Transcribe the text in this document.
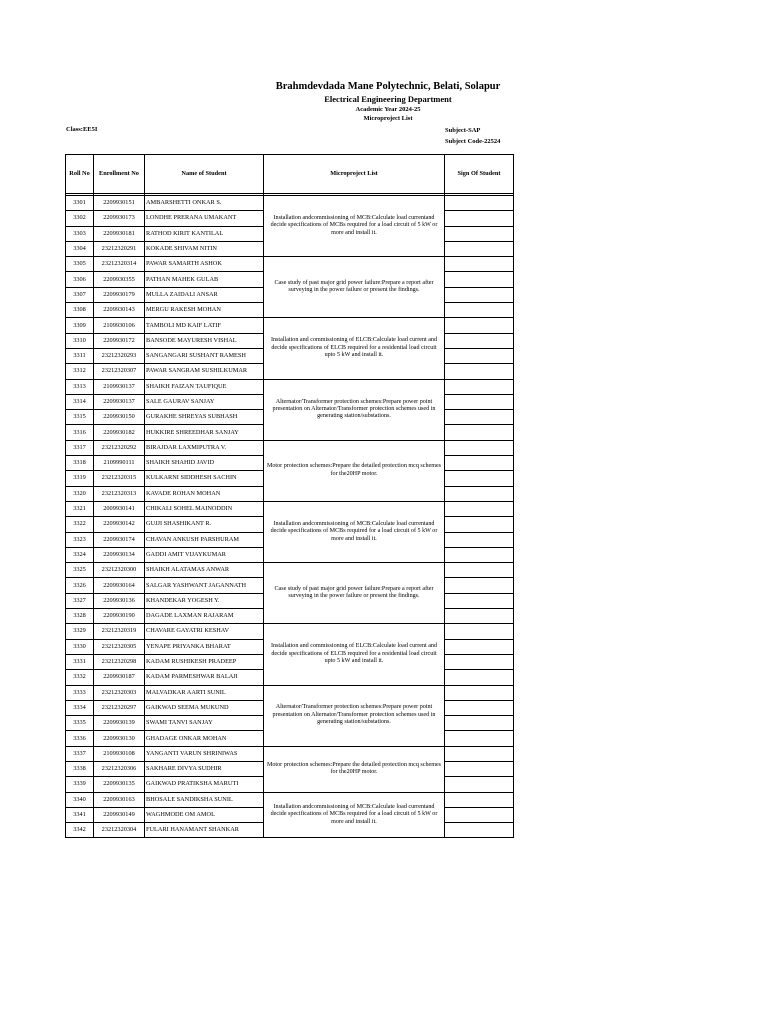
Brahmdevdada Mane Polytechnic, Belati, Solapur
Electrical Engineering Department
Academic Year 2024-25
Microproject List
Class:EE5I	Subject-SAP
Subject Code-22524
Roll No	Enrollment No	Name of Student	Microproject List	Sign Of Student

3301	2209930151	AMBARSHETTI ONKAR S.	Installation andcommissioning of MCB:Calculate load currentand decide specifications of MCBs required for a load circuit of 5 kW or more and install it.	
3302	2209930173	LONDHE PRERANA UMAKANT		
3303	2209930181	RATHOD KIRIT KANTILAL		
3304	23212320291	KOKADE SHIVAM NITIN		
3305	23212320314	PAWAR SAMARTH ASHOK	Case study of past major grid power failure:Prepare a report after surveying in the power failure or present the findings.	
3306	2209930355	PATHAN MAHEK GULAB		
3307	2209930179	MULLA ZAIDALI ANSAR		
3308	2209930143	MERGU RAKESH MOHAN		
3309	2109930106	TAMBOLI MD KAIF LATIF	Installation and commissioning of ELCB:Calculate load current and decide specifications of ELCB required for a residential load circuit upto 5 kW and install it.	
3310	2209930172	BANSODE MAYURESH VISHAL		
3311	23212320293	SANGANGARI SUSHANT RAMESH		
3312	23212320307	PAWAR SANGRAM SUSHILKUMAR		
3313	2109930137	SHAIKH FAIZAN TAUFIQUE	Alternator/Transformer protection schemes:Prepare power point presentation on Alternator/Transformer protection schemes used in generating station/substations.	
3314	2209930137	SALE GAURAV SANJAY		
3315	2209930150	GURAKHE SHREYAS SUBHASH		
3316	2209930182	HUKKIRE SHREEDHAR SANJAY		
3317	23212320292	BIRAJDAR LAXMIPUTRA V.	Motor protection schemes:Prepare the detailed protection mcq schemes for the20HP motor.	
3318	2109990111	SHAIKH SHAHID JAVID		
3319	23212320315	KULKARNI SIDDHESH SACHIN		
3320	23212320313	KAVADE ROHAN MOHAN		
3321	2009930141	CHIKALI SOHEL MAINODDIN	Installation andcommissioning of MCB:Calculate load currentand decide specifications of MCBs required for a load circuit of 5 kW or more and install it.	
3322	2209930142	GUJJI SHASHIKANT R.		
3323	2209930174	CHAVAN ANKUSH PARSHURAM		
3324	2209930134	GADDI AMIT VIJAYKUMAR		
3325	23212320300	SHAIKH ALATAMAS ANWAR	Case study of past major grid power failure:Prepare a report after surveying in the power failure or present the findings.	
3326	2209930164	SALGAR YASHWANT JAGANNATH		
3327	2209930136	KHANDEKAR YOGESH Y.		
3328	2209930190	DAGADE LAXMAN RAJARAM		
3329	23212320319	CHAVARE GAYATRI KESHAV	Installation and commissioning of ELCB:Calculate load current and decide specifications of ELCB required for a residential load circuit upto 5 kW and install it.	
3330	23212320305	YENAPE PRIYANKA BHARAT		
3331	23212320298	KADAM RUSHIKESH PRADEEP		
3332	2209930187	KADAM PARMESHWAR BALAJI		
3333	23212320303	MALVADKAR AARTI SUNIL	Alternator/Transformer protection schemes:Prepare power point presentation on Alternator/Transformer protection schemes used in generating station/substations.	
3334	23212320297	GAIKWAD SEEMA MUKUND		
3335	2209930139	SWAMI TANVI SANJAY		
3336	2209930130	GHADAGE ONKAR MOHAN		
3337	2109930108	YANGANTI VARUN SHRINIWAS	Motor protection schemes:Prepare the detailed protection mcq schemes for the20HP motor.	
3338	23212320306	SAKHARE DIVYA SUDHIR		
3339	2209930135	GAIKWAD PRATIKSHA MARUTI		
3340	2209930163	BHOSALE SANDIKSHA SUNIL	Installation andcommissioning of MCB:Calculate load currentand decide specifications of MCBs required for a load circuit of 5 kW or more and install it.	
3341	2209930149	WAGHMODE OM AMOL		
3342	23212320304	FULARI HANAMANT SHANKAR		
